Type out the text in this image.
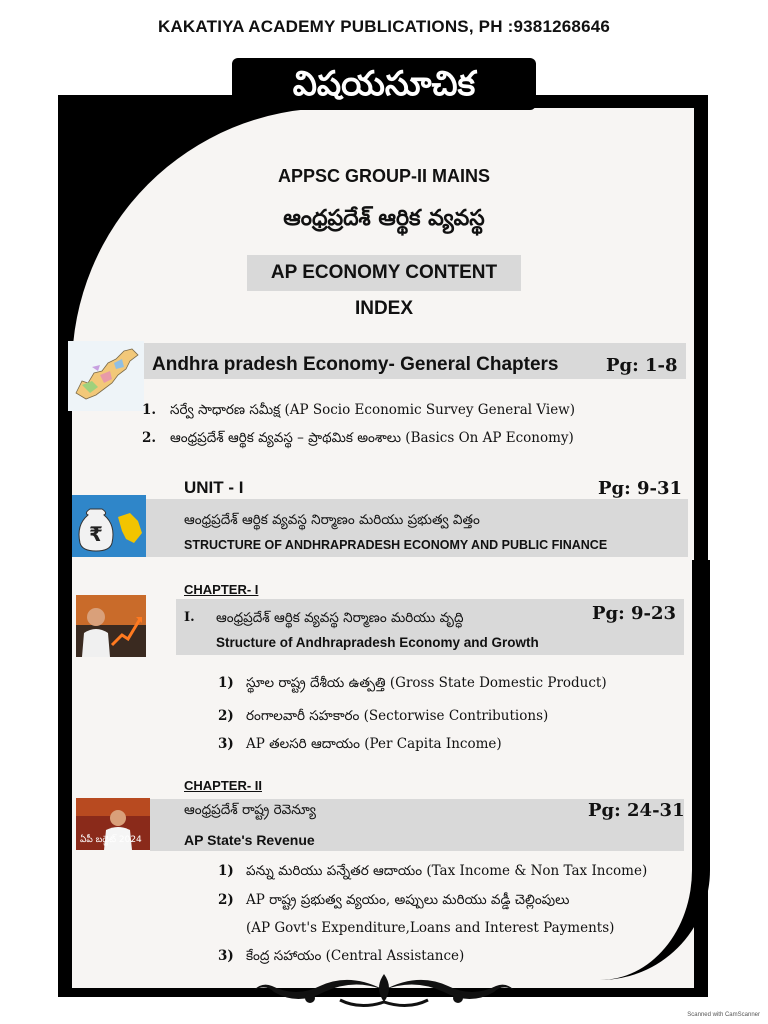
KAKATIYA ACADEMY PUBLICATIONS, PH :9381268646
విషయసూచిక
APPSC GROUP-II MAINS
ఆంధ్రప్రదేశ్ ఆర్థిక వ్యవస్థ
AP ECONOMY CONTENT INDEX
Andhra pradesh Economy- General Chapters	Pg: 1-8
1. సర్వే సాధారణ సమీక్ష (AP Socio Economic Survey General View)
2. ఆంధ్రప్రదేశ్ ఆర్థిక వ్యవస్థ – ప్రాథమిక అంశాలు (Basics On AP Economy)
UNIT - I	Pg: 9-31
₹
ఆంధ్రప్రదేశ్ ఆర్థిక వ్యవస్థ నిర్మాణం మరియు ప్రభుత్వ విత్తం
STRUCTURE OF ANDHRAPRADESH ECONOMY AND PUBLIC FINANCE
CHAPTER- I
I. ఆంధ్రప్రదేశ్ ఆర్థిక వ్యవస్థ నిర్మాణం మరియు వృద్ధి	Pg: 9-23
Structure of Andhrapradesh Economy and Growth
1) స్థూల రాష్ట్ర దేశీయ ఉత్పత్తి (Gross State Domestic Product)
2) రంగాలవారీ సహకారం (Sectorwise Contributions)
3) AP తలసరి ఆదాయం (Per Capita Income)
CHAPTER- II
ఏపీ బడ్జెట్ 2024
ఆంధ్రప్రదేశ్ రాష్ట్ర రెవెన్యూ	Pg: 24-31
AP State's Revenue
1) పన్ను మరియు పన్నేతర ఆదాయం (Tax Income & Non Tax Income)
2) AP రాష్ట్ర ప్రభుత్వ వ్యయం, అప్పులు మరియు వడ్డీ చెల్లింపులు
(AP Govt's Expenditure,Loans and Interest Payments)
3) కేంద్ర సహాయం (Central Assistance)
Scanned with CamScanner
